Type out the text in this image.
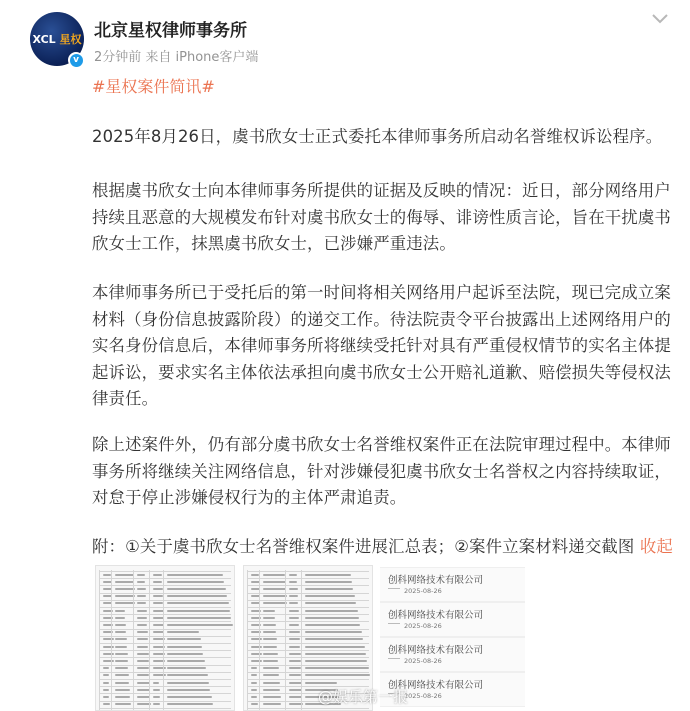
XCL 星权
v
北京星权律师事务所
2分钟前 来自 iPhone客户端
#星权案件简讯#

2025年8月26日，虞书欣女士正式委托本律师事务所启动名誉维权诉讼程序。

根据虞书欣女士向本律师事务所提供的证据及反映的情况：近日，部分网络用户持续且恶意的大规模发布针对虞书欣女士的侮辱、诽谤性质言论，旨在干扰虞书欣女士工作，抹黑虞书欣女士，已涉嫌严重违法。

本律师事务所已于受托后的第一时间将相关网络用户起诉至法院，现已完成立案材料（身份信息披露阶段）的递交工作。待法院责令平台披露出上述网络用户的实名身份信息后，本律师事务所将继续受托针对具有严重侵权情节的实名主体提起诉讼，要求实名主体依法承担向虞书欣女士公开赔礼道歉、赔偿损失等侵权法律责任。

除上述案件外，仍有部分虞书欣女士名誉维权案件正在法院审理过程中。本律师事务所将继续关注网络信息，针对涉嫌侵犯虞书欣女士名誉权之内容持续取证，对怠于停止涉嫌侵权行为的主体严肃追责。

附：①关于虞书欣女士名誉维权案件进展汇总表；②案件立案材料递交截图 收起

创科网络技术有限公司
2025-08-26
创科网络技术有限公司
2025-08-26
创科网络技术有限公司
2025-08-26
创科网络技术有限公司
2025-08-26
@娱乐第一报
